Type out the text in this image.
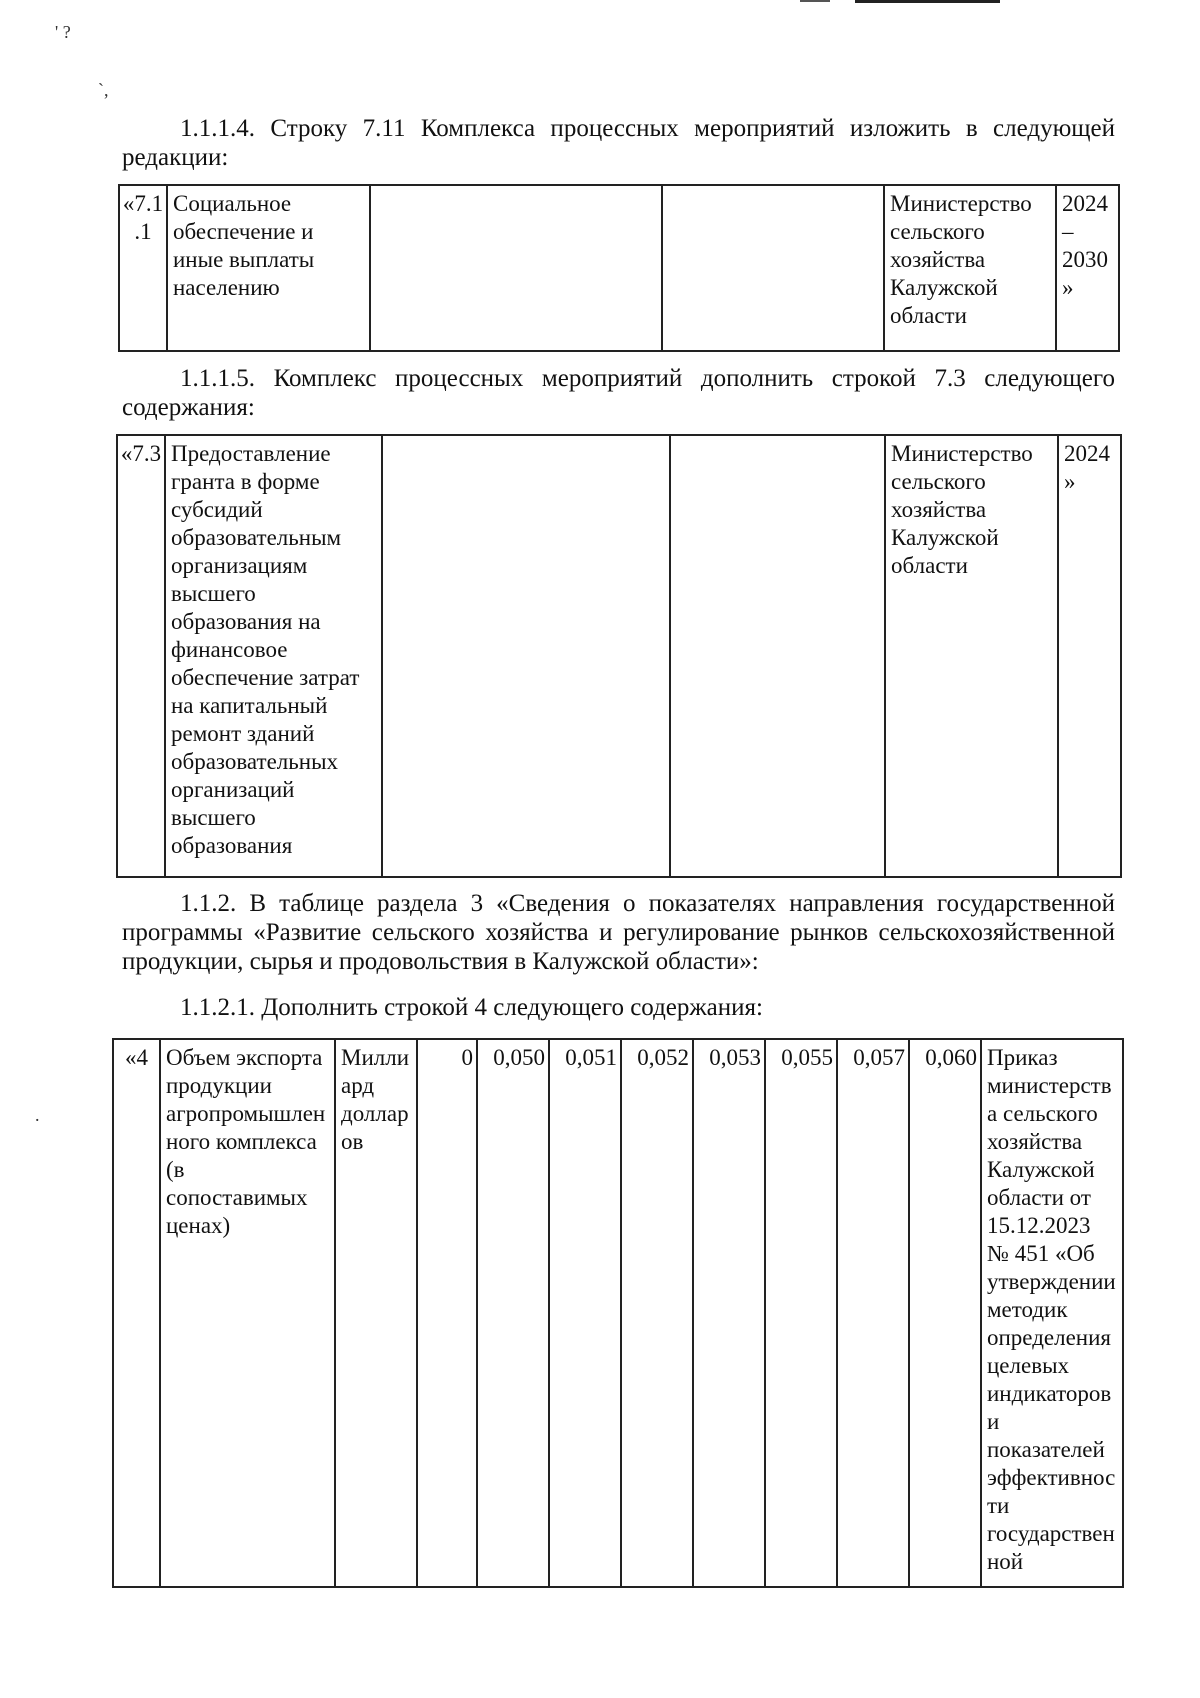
' ?
`,
.
1.1.1.4. Строку 7.11 Комплекса процессных мероприятий изложить в следующей редакции:
«7.1.1	Социальное обеспечение и иные выплаты населению			Министерство сельского хозяйства Калужской области	2024 – 2030 »
1.1.1.5. Комплекс процессных мероприятий дополнить строкой 7.3 следующего содержания:
«7.3	Предоставление гранта в форме субсидий образовательным организациям высшего образования на финансовое обеспечение затрат на капитальный ремонт зданий образовательных организаций высшего образования			Министерство сельского хозяйства Калужской области	2024 »
1.1.2. В таблице раздела 3 «Сведения о показателях направления государственной программы «Развитие сельского хозяйства и регулирование рынков сельскохозяйственной продукции, сырья и продовольствия в Калужской области»:
1.1.2.1. Дополнить строкой 4 следующего содержания:
«4	Объем экспорта продукции агропромышленного комплекса (в сопоставимых ценах)	Миллиард долларов	0	0,050	0,051	0,052	0,053	0,055	0,057	0,060	Приказ министерства сельского хозяйства Калужской области от 15.12.2023 № 451 «Об утверждении методик определения целевых индикаторов и показателей эффективности государственной
